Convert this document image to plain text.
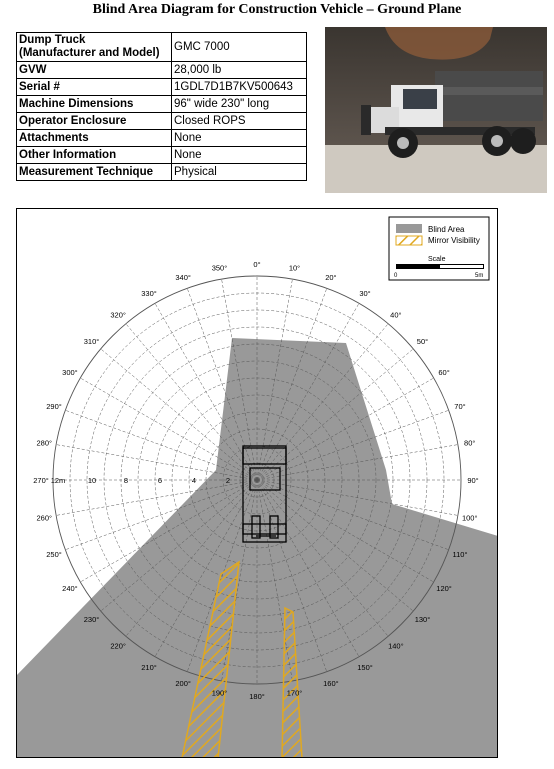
Blind Area Diagram for Construction Vehicle – Ground Plane
Dump Truck
(Manufacturer and Model)	GMC 7000
GVW	28,000 lb
Serial #	1GDL7D1B7KV500643
Machine Dimensions	96" wide 230" long
Operator Enclosure	Closed ROPS
Attachments	None
Other Information	None
Measurement Technique	Physical
0°	10°
20°
30°
40°
50°
60°
70°
80°
90°
100°
110°
120°
130°
140°
150°
160°
170°
180°
190°
200°
210°
220°
230°
240°
250°
260°
270°
280°
290°
300°
310°
320°
330°
340°
350°
12m	10	8	6	4	2
Blind Area
Mirror Visibility
Scale
0	5m
